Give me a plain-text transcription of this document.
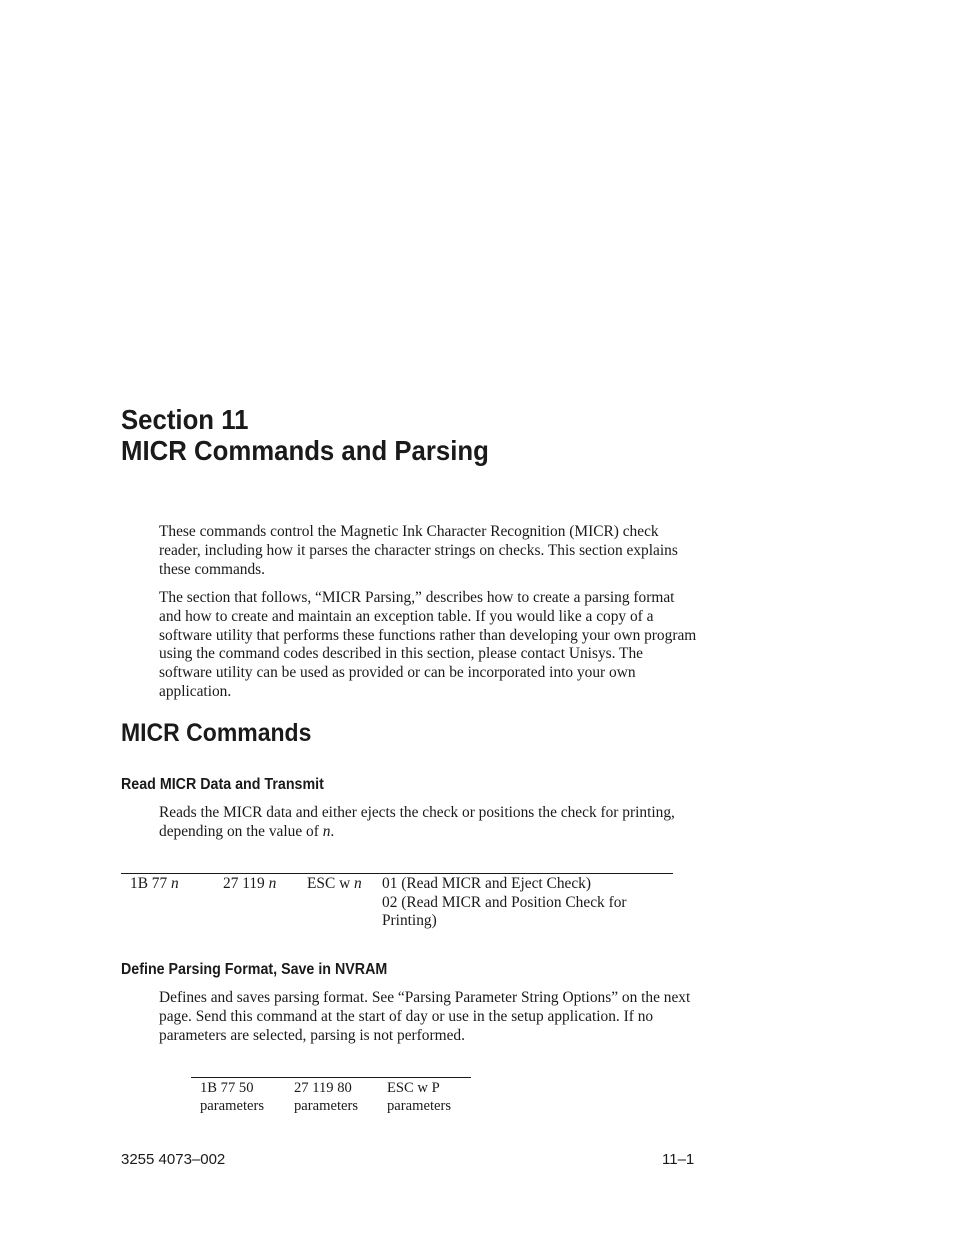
Section 11
MICR Commands and Parsing

These commands control the Magnetic Ink Character Recognition (MICR) check reader, including how it parses the character strings on checks. This section explains these commands.

The section that follows, “MICR Parsing,” describes how to create a parsing format and how to create and maintain an exception table. If you would like a copy of a software utility that performs these functions rather than developing your own program using the command codes described in this section, please contact Unisys. The software utility can be used as provided or can be incorporated into your own application.

MICR Commands
Read MICR Data and Transmit

Reads the MICR data and either ejects the check or positions the check for printing, depending on the value of n.

1B 77 n	27 119 n ESC w n 01 (Read MICR and Eject Check)
02 (Read MICR and Position Check for
Printing)
Define Parsing Format, Save in NVRAM

Defines and saves parsing format. See “Parsing Parameter String Options” on the next page. Send this command at the start of day or use in the setup application. If no parameters are selected, parsing is not performed.

1B 77 50
parameters
27 119 80
parameters
ESC w P
parameters
3255 4073–002	11–1
